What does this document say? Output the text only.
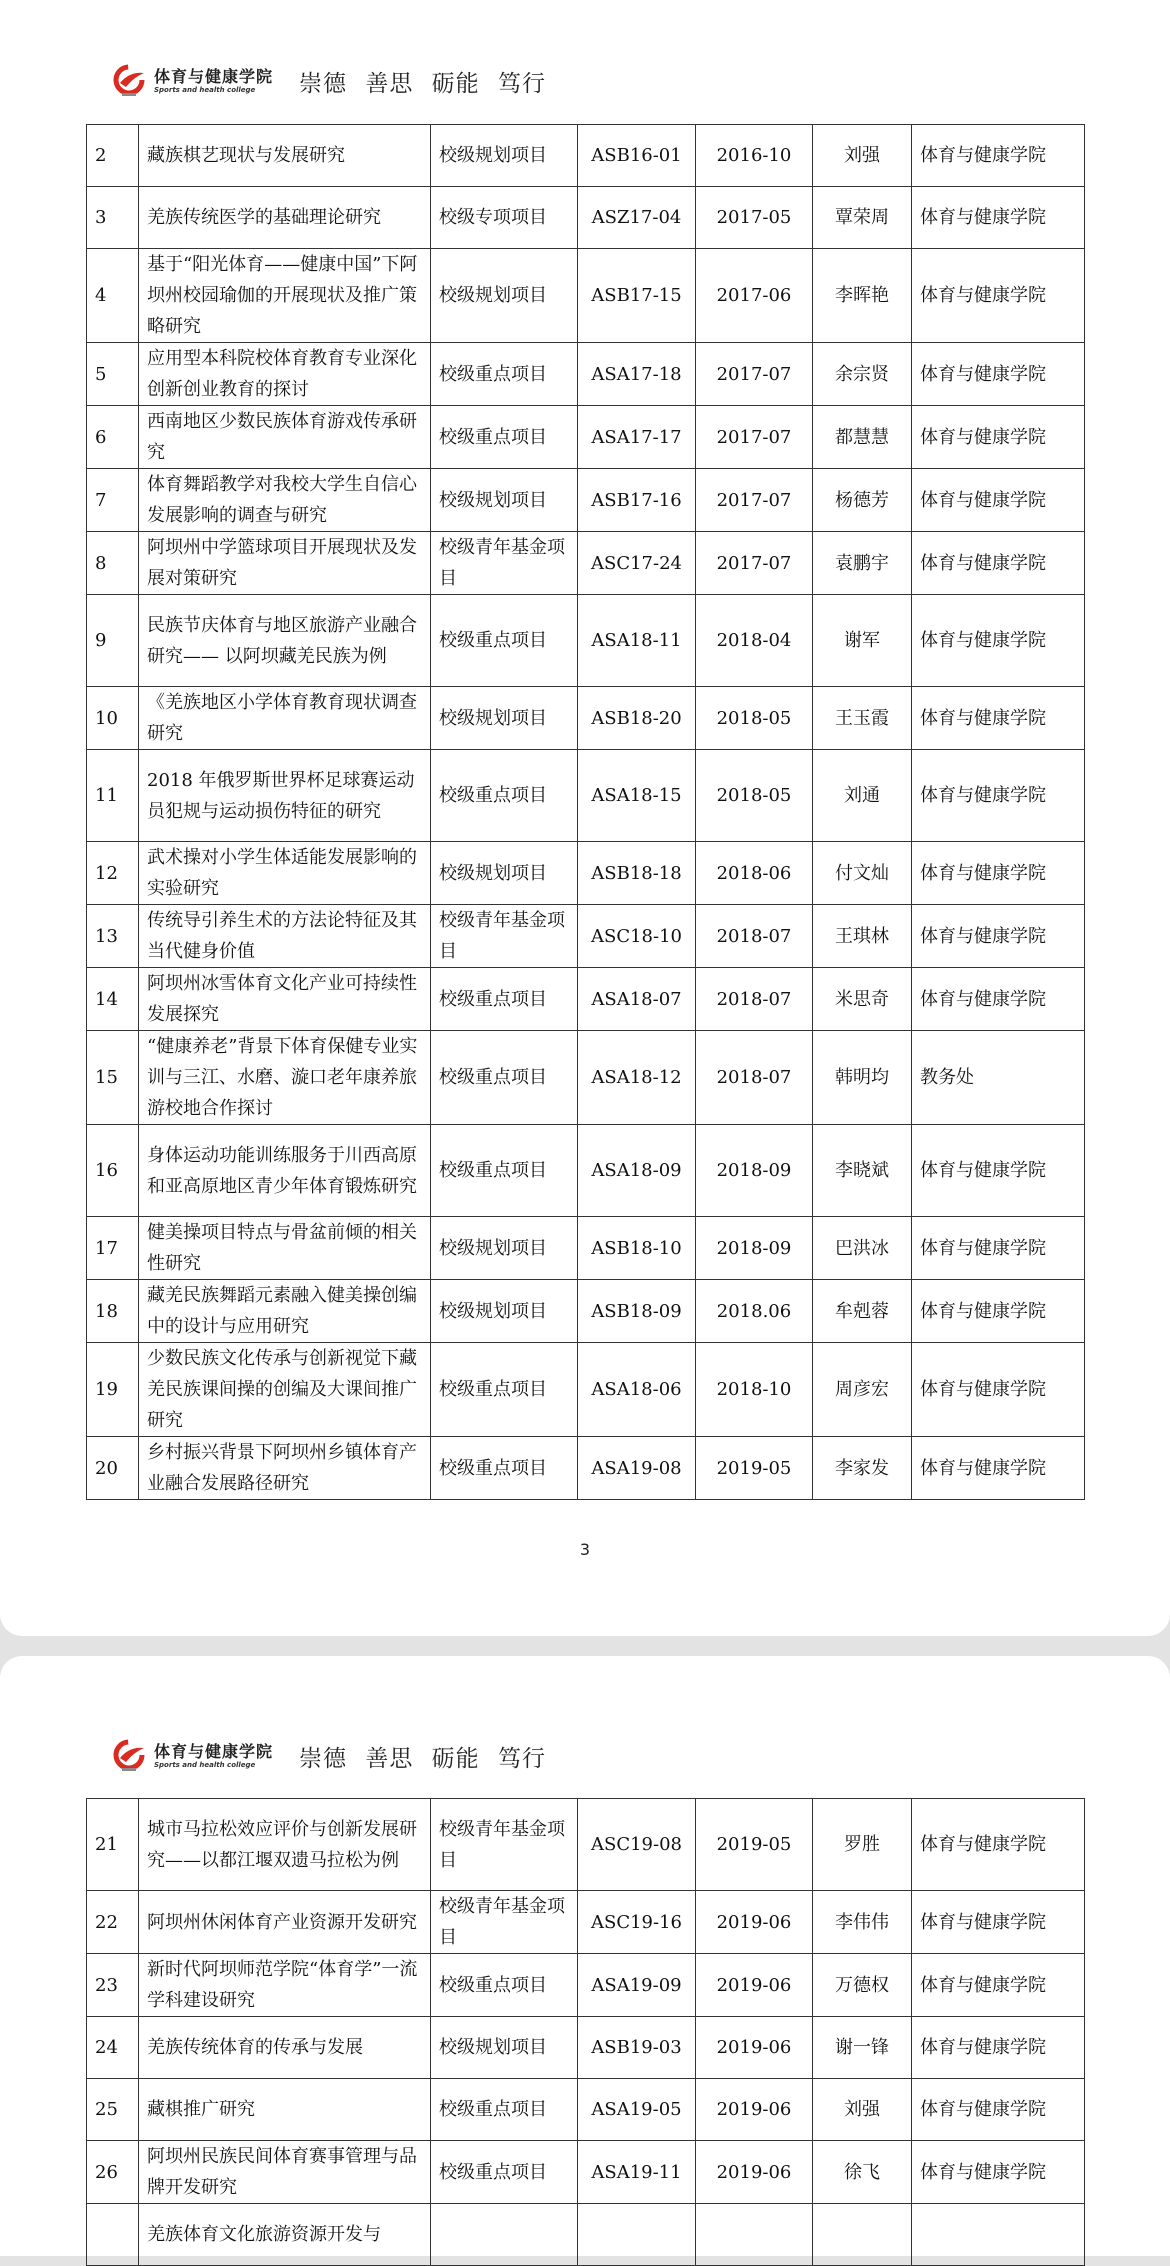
体育与健康学院
Sports and health college	崇德 善思 砺能 笃行
2	藏族棋艺现状与发展研究	校级规划项目	ASB16-01	2016-10	刘强	体育与健康学院
3	羌族传统医学的基础理论研究	校级专项项目	ASZ17-04	2017-05	覃荣周	体育与健康学院
4	基于“阳光体育——健康中国”下阿坝州校园瑜伽的开展现状及推广策略研究	校级规划项目	ASB17-15	2017-06	李晖艳	体育与健康学院
5	应用型本科院校体育教育专业深化创新创业教育的探讨	校级重点项目	ASA17-18	2017-07	余宗贤	体育与健康学院
6	西南地区少数民族体育游戏传承研究	校级重点项目	ASA17-17	2017-07	都慧慧	体育与健康学院
7	体育舞蹈教学对我校大学生自信心发展影响的调查与研究	校级规划项目	ASB17-16	2017-07	杨德芳	体育与健康学院
8	阿坝州中学篮球项目开展现状及发展对策研究	校级青年基金项目	ASC17-24	2017-07	袁鹏宇	体育与健康学院
9	民族节庆体育与地区旅游产业融合研究—— 以阿坝藏羌民族为例	校级重点项目	ASA18-11	2018-04	谢军	体育与健康学院
10	《羌族地区小学体育教育现状调查研究	校级规划项目	ASB18-20	2018-05	王玉霞	体育与健康学院
11	2018 年俄罗斯世界杯足球赛运动员犯规与运动损伤特征的研究	校级重点项目	ASA18-15	2018-05	刘通	体育与健康学院
12	武术操对小学生体适能发展影响的实验研究	校级规划项目	ASB18-18	2018-06	付文灿	体育与健康学院
13	传统导引养生术的方法论特征及其当代健身价值	校级青年基金项目	ASC18-10	2018-07	王琪林	体育与健康学院
14	阿坝州冰雪体育文化产业可持续性发展探究	校级重点项目	ASA18-07	2018-07	米思奇	体育与健康学院
15	“健康养老”背景下体育保健专业实训与三江、水磨、漩口老年康养旅游校地合作探讨	校级重点项目	ASA18-12	2018-07	韩明均	教务处
16	身体运动功能训练服务于川西高原和亚高原地区青少年体育锻炼研究	校级重点项目	ASA18-09	2018-09	李晓斌	体育与健康学院
17	健美操项目特点与骨盆前倾的相关性研究	校级规划项目	ASB18-10	2018-09	巴洪冰	体育与健康学院
18	藏羌民族舞蹈元素融入健美操创编中的设计与应用研究	校级规划项目	ASB18-09	2018.06	牟剋蓉	体育与健康学院
19	少数民族文化传承与创新视觉下藏羌民族课间操的创编及大课间推广研究	校级重点项目	ASA18-06	2018-10	周彦宏	体育与健康学院
20	乡村振兴背景下阿坝州乡镇体育产业融合发展路径研究	校级重点项目	ASA19-08	2019-05	李家发	体育与健康学院
3
体育与健康学院
Sports and health college	崇德 善思 砺能 笃行
21	城市马拉松效应评价与创新发展研究——以都江堰双遗马拉松为例	校级青年基金项目	ASC19-08	2019-05	罗胜	体育与健康学院
22	阿坝州休闲体育产业资源开发研究	校级青年基金项目	ASC19-16	2019-06	李伟伟	体育与健康学院
23	新时代阿坝师范学院“体育学”一流学科建设研究	校级重点项目	ASA19-09	2019-06	万德权	体育与健康学院
24	羌族传统体育的传承与发展	校级规划项目	ASB19-03	2019-06	谢一锋	体育与健康学院
25	藏棋推广研究	校级重点项目	ASA19-05	2019-06	刘强	体育与健康学院
26	阿坝州民族民间体育赛事管理与品牌开发研究	校级重点项目	ASA19-11	2019-06	徐飞	体育与健康学院
	羌族体育文化旅游资源开发与					
